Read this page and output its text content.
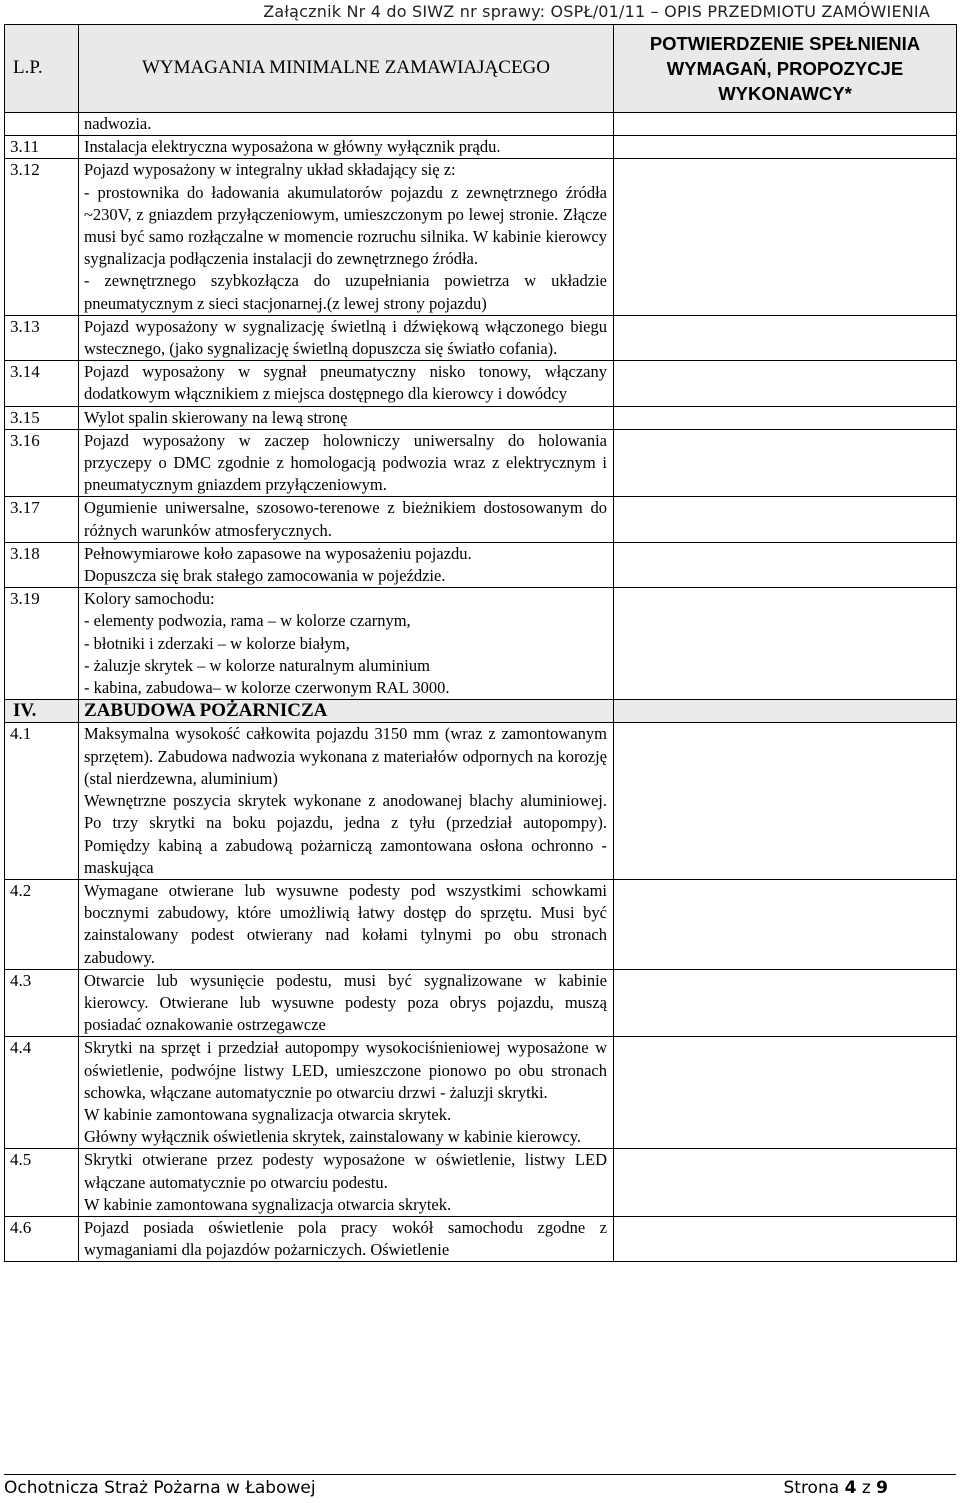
Załącznik Nr 4 do SIWZ nr sprawy: OSPŁ/01/11 – OPIS PRZEDMIOTU ZAMÓWIENIA
L.P.	WYMAGANIA MINIMALNE ZAMAWIAJĄCEGO	POTWIERDZENIE SPEŁNIENIA
WYMAGAŃ, PROPOZYCJE
WYKONAWCY*

	nadwozia.	

3.11	Instalacja elektryczna wyposażona w główny wyłącznik prądu.	

3.12	Pojazd wyposażony w integralny układ składający się z:
- prostownika do ładowania akumulatorów pojazdu z zewnętrznego źródła ~230V, z gniazdem przyłączeniowym, umieszczonym po lewej stronie. Złącze musi być samo rozłączalne w momencie rozruchu silnika. W kabinie kierowcy sygnalizacja podłączenia instalacji do zewnętrznego źródła.
- zewnętrznego szybkozłącza do uzupełniania powietrza w układzie pneumatycznym z sieci stacjonarnej.(z lewej strony pojazdu)	

3.13	Pojazd wyposażony w sygnalizację świetlną i dźwiękową włączonego biegu wstecznego, (jako sygnalizację świetlną dopuszcza się światło cofania).	

3.14	Pojazd wyposażony w sygnał pneumatyczny nisko tonowy, włączany dodatkowym włącznikiem z miejsca dostępnego dla kierowcy i dowódcy	

3.15	Wylot spalin skierowany na lewą stronę	

3.16	Pojazd wyposażony w zaczep holowniczy uniwersalny do holowania przyczepy o DMC zgodnie z homologacją podwozia wraz z elektrycznym i pneumatycznym gniazdem przyłączeniowym.	

3.17	Ogumienie uniwersalne, szosowo-terenowe z bieżnikiem dostosowanym do różnych warunków atmosferycznych.	

3.18	Pełnowymiarowe koło zapasowe na wyposażeniu pojazdu.
Dopuszcza się brak stałego zamocowania w pojeździe.	

3.19	Kolory samochodu:
- elementy podwozia, rama – w kolorze czarnym,
- błotniki i zderzaki – w kolorze białym,
- żaluzje skrytek – w kolorze naturalnym aluminium
- kabina, zabudowa– w kolorze czerwonym RAL 3000.	

IV.	ZABUDOWA POŻARNICZA	

4.1	Maksymalna wysokość całkowita pojazdu 3150 mm (wraz z zamontowanym sprzętem). Zabudowa nadwozia wykonana z materiałów odpornych na korozję (stal nierdzewna, aluminium)
Wewnętrzne poszycia skrytek wykonane z anodowanej blachy aluminiowej. Po trzy skrytki na boku pojazdu, jedna z tyłu (przedział autopompy). Pomiędzy kabiną a zabudową pożarniczą zamontowana osłona ochronno -maskująca	

4.2	Wymagane otwierane lub wysuwne podesty pod wszystkimi schowkami bocznymi zabudowy, które umożliwią łatwy dostęp do sprzętu. Musi być zainstalowany podest otwierany nad kołami tylnymi po obu stronach zabudowy.	

4.3	Otwarcie lub wysunięcie podestu, musi być sygnalizowane w kabinie kierowcy. Otwierane lub wysuwne podesty poza obrys pojazdu, muszą posiadać oznakowanie ostrzegawcze	

4.4	Skrytki na sprzęt i przedział autopompy wysokociśnieniowej wyposażone w oświetlenie, podwójne listwy LED, umieszczone pionowo po obu stronach schowka, włączane automatycznie po otwarciu drzwi - żaluzji skrytki.
W kabinie zamontowana sygnalizacja otwarcia skrytek.
Główny wyłącznik oświetlenia skrytek, zainstalowany w kabinie kierowcy.	

4.5	Skrytki otwierane przez podesty wyposażone w oświetlenie, listwy LED włączane automatycznie po otwarciu podestu.
W kabinie zamontowana sygnalizacja otwarcia skrytek.	

4.6	Pojazd posiada oświetlenie pola pracy wokół samochodu zgodne z wymaganiami dla pojazdów pożarniczych. Oświetlenie	

Ochotnicza Straż Pożarna w Łabowej	Strona 4 z 9
